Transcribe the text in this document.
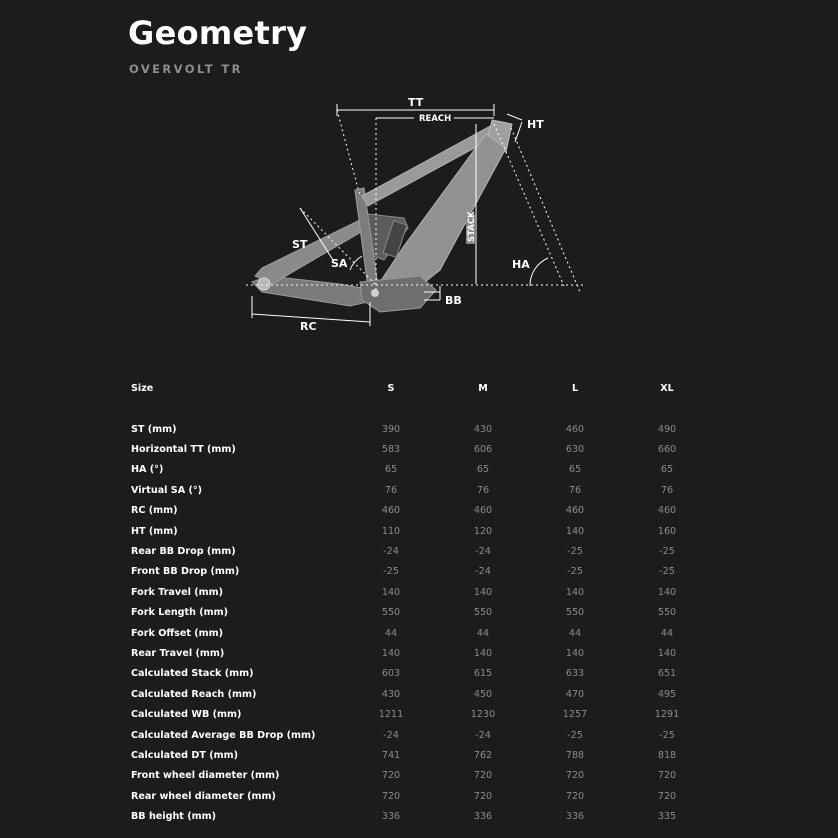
Geometry
OVERVOLT TR
TT
REACH	HT
STACK
ST
SA	HA
BB
RC
Size	S	M	L	XL

ST (mm)	390	430	460	490
Horizontal TT (mm)	583	606	630	660
HA (°)	65	65	65	65
Virtual SA (°)	76	76	76	76
RC (mm)	460	460	460	460
HT (mm)	110	120	140	160
Rear BB Drop (mm)	-24	-24	-25	-25
Front BB Drop (mm)	-25	-24	-25	-25
Fork Travel (mm)	140	140	140	140
Fork Length (mm)	550	550	550	550
Fork Offset (mm)	44	44	44	44
Rear Travel (mm)	140	140	140	140
Calculated Stack (mm)	603	615	633	651
Calculated Reach (mm)	430	450	470	495
Calculated WB (mm)	1211	1230	1257	1291
Calculated Average BB Drop (mm)	-24	-24	-25	-25
Calculated DT (mm)	741	762	788	818
Front wheel diameter (mm)	720	720	720	720
Rear wheel diameter (mm)	720	720	720	720
BB height (mm)	336	336	336	335
